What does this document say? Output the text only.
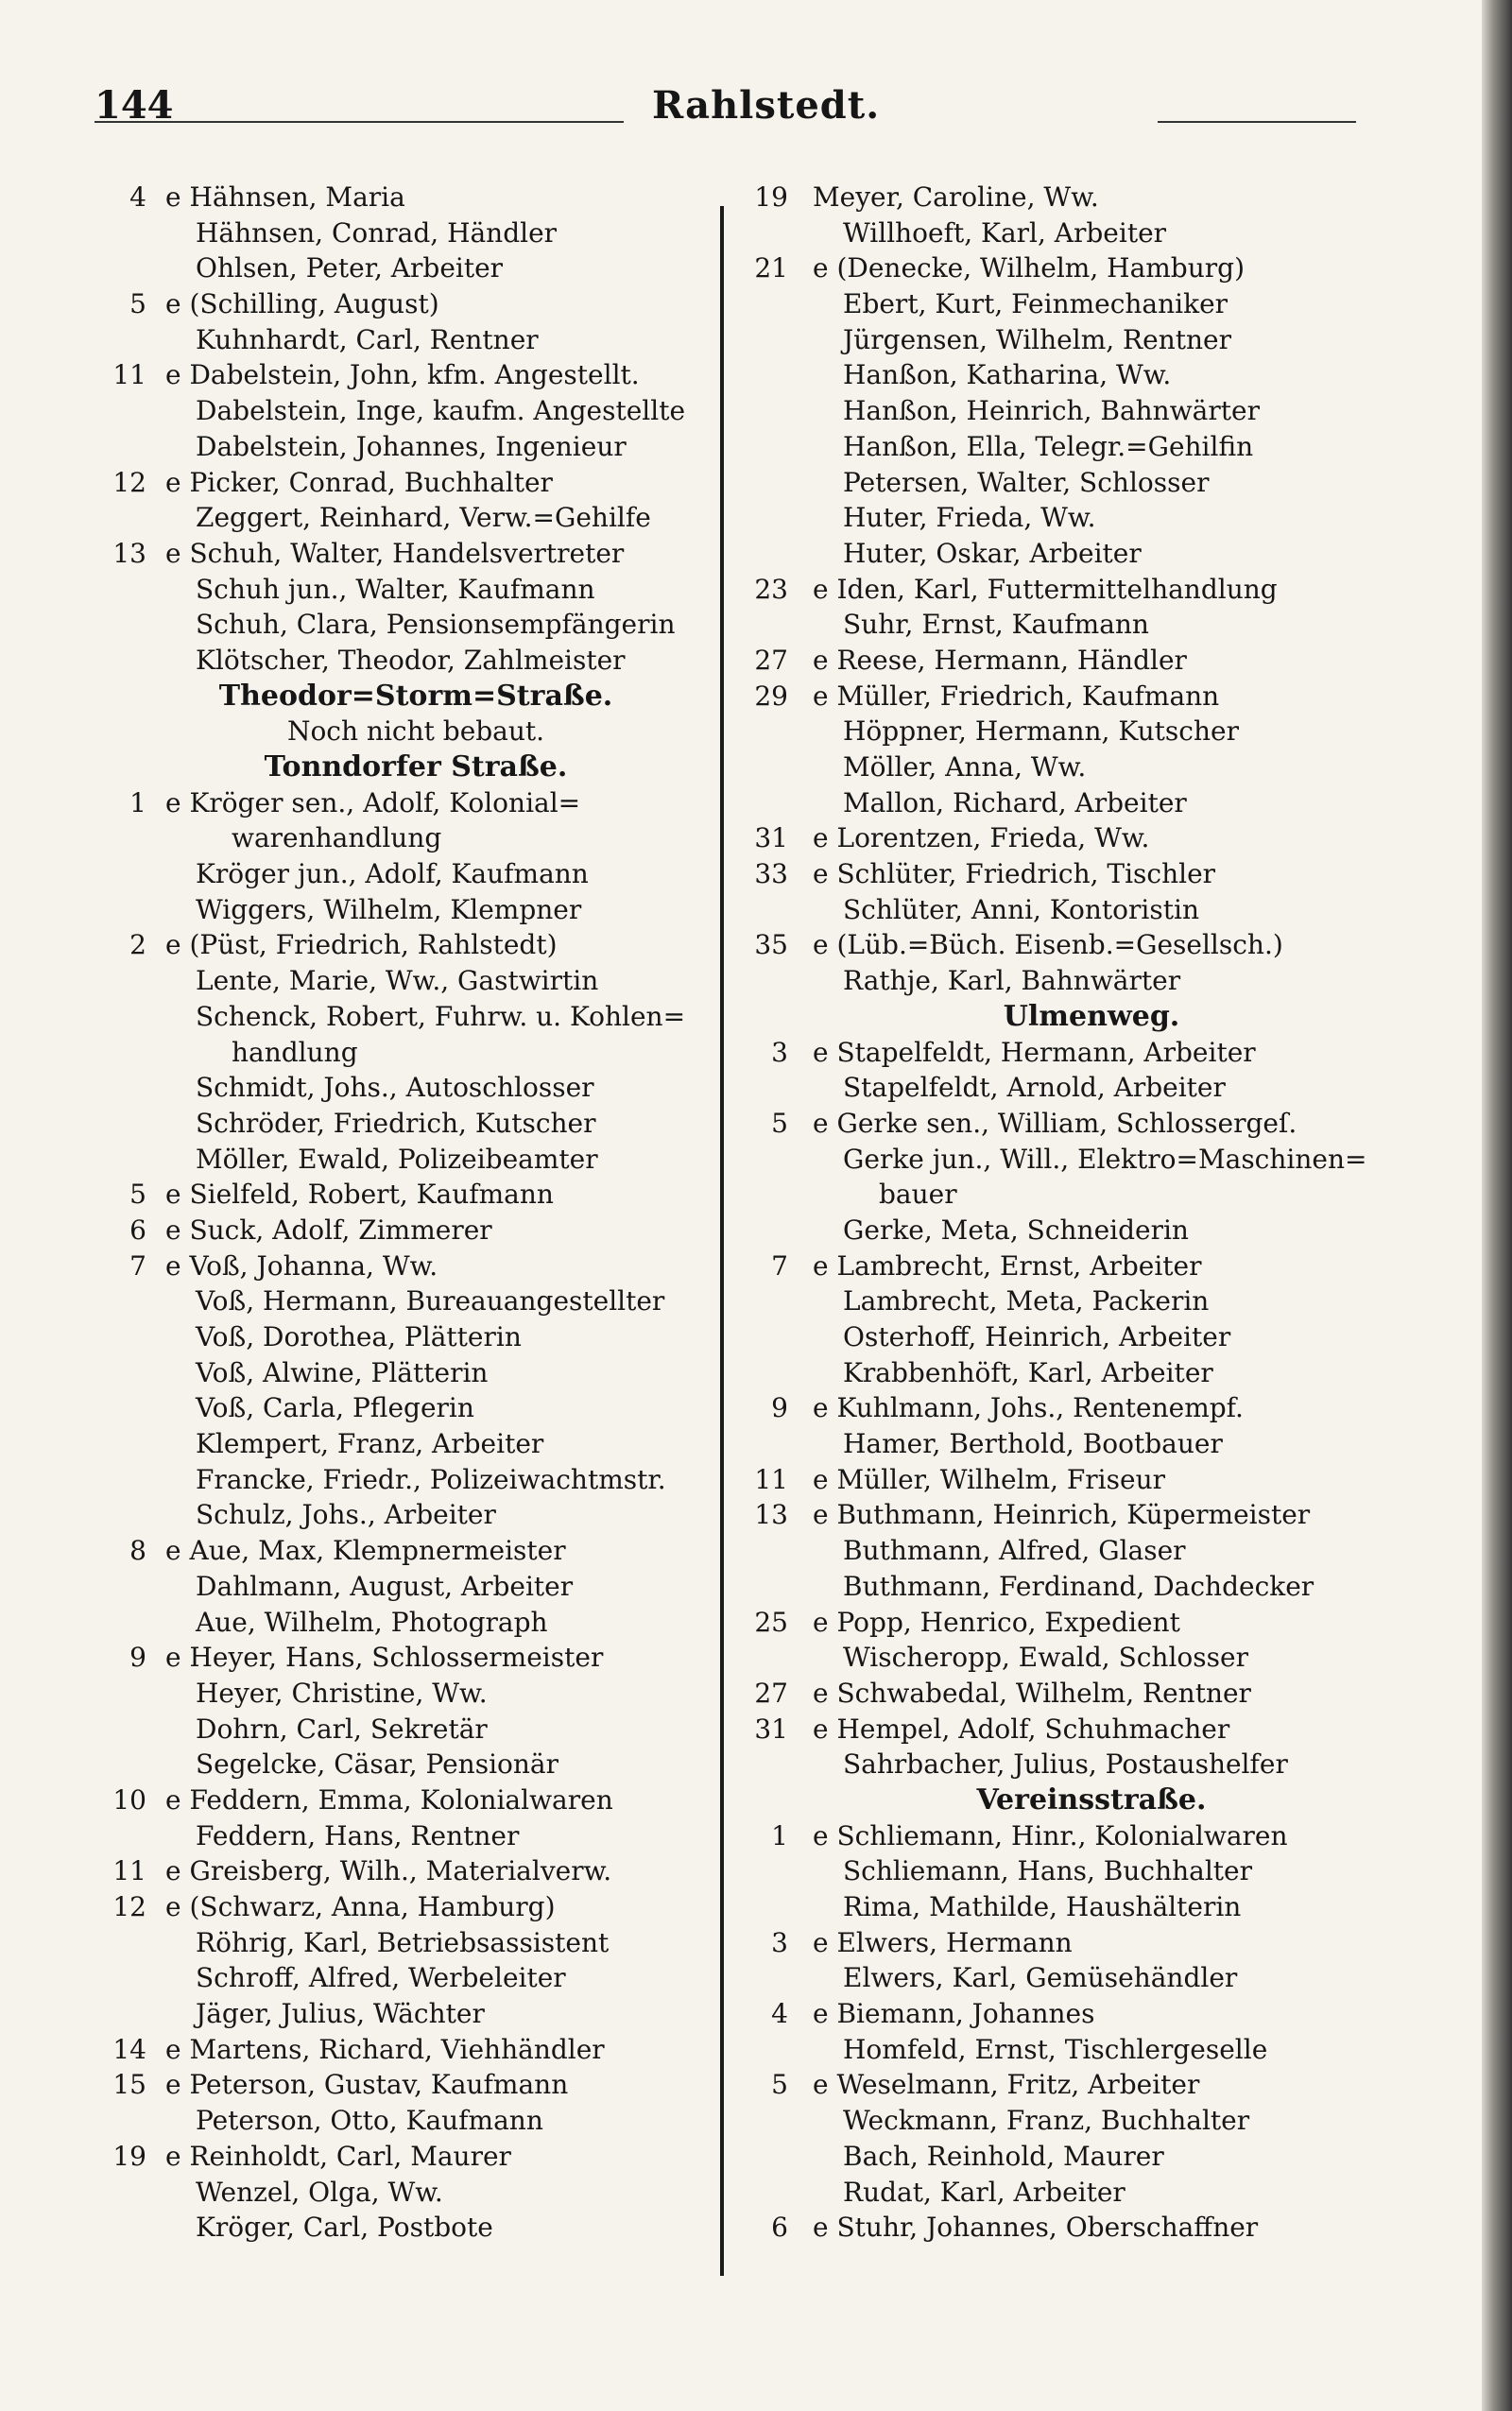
144	Rahlstedt.
4 e Hähnsen, Maria
Hähnsen, Conrad, Händler
Ohlsen, Peter, Arbeiter
5 e (Schilling, August)
Kuhnhardt, Carl, Rentner
11 e Dabelstein, John, kfm. Angestellt.
Dabelstein, Inge, kaufm. Angestellte
Dabelstein, Johannes, Ingenieur
12 e Picker, Conrad, Buchhalter
Zeggert, Reinhard, Verw.=Gehilfe
13 e Schuh, Walter, Handelsvertreter
Schuh jun., Walter, Kaufmann
Schuh, Clara, Pensionsempfängerin
Klötscher, Theodor, Zahlmeister
Theodor=Storm=Straße.
Noch nicht bebaut.
Tonndorfer Straße.
1 e Kröger sen., Adolf, Kolonial=
warenhandlung
Kröger jun., Adolf, Kaufmann
Wiggers, Wilhelm, Klempner
2 e (Püst, Friedrich, Rahlstedt)
Lente, Marie, Ww., Gastwirtin
Schenck, Robert, Fuhrw. u. Kohlen=
handlung
Schmidt, Johs., Autoschlosser
Schröder, Friedrich, Kutscher
Möller, Ewald, Polizeibeamter
5 e Sielfeld, Robert, Kaufmann
6 e Suck, Adolf, Zimmerer
7 e Voß, Johanna, Ww.
Voß, Hermann, Bureauangestellter
Voß, Dorothea, Plätterin
Voß, Alwine, Plätterin
Voß, Carla, Pflegerin
Klempert, Franz, Arbeiter
Francke, Friedr., Polizeiwachtmstr.
Schulz, Johs., Arbeiter
8 e Aue, Max, Klempnermeister
Dahlmann, August, Arbeiter
Aue, Wilhelm, Photograph
9 e Heyer, Hans, Schlossermeister
Heyer, Christine, Ww.
Dohrn, Carl, Sekretär
Segelcke, Cäsar, Pensionär
10 e Feddern, Emma, Kolonialwaren
Feddern, Hans, Rentner
11 e Greisberg, Wilh., Materialverw.
12 e (Schwarz, Anna, Hamburg)
Röhrig, Karl, Betriebsassistent
Schroff, Alfred, Werbeleiter
Jäger, Julius, Wächter
14 e Martens, Richard, Viehhändler
15 e Peterson, Gustav, Kaufmann
Peterson, Otto, Kaufmann
19 e Reinholdt, Carl, Maurer
Wenzel, Olga, Ww.
Kröger, Carl, Postbote
19 Meyer, Caroline, Ww.
Willhoeft, Karl, Arbeiter
21 e (Denecke, Wilhelm, Hamburg)
Ebert, Kurt, Feinmechaniker
Jürgensen, Wilhelm, Rentner
Hanßon, Katharina, Ww.
Hanßon, Heinrich, Bahnwärter
Hanßon, Ella, Telegr.=Gehilfin
Petersen, Walter, Schlosser
Huter, Frieda, Ww.
Huter, Oskar, Arbeiter
23 e Iden, Karl, Futtermittelhandlung
Suhr, Ernst, Kaufmann
27 e Reese, Hermann, Händler
29 e Müller, Friedrich, Kaufmann
Höppner, Hermann, Kutscher
Möller, Anna, Ww.
Mallon, Richard, Arbeiter
31 e Lorentzen, Frieda, Ww.
33 e Schlüter, Friedrich, Tischler
Schlüter, Anni, Kontoristin
35 e (Lüb.=Büch. Eisenb.=Gesellsch.)
Rathje, Karl, Bahnwärter
Ulmenweg.
3 e Stapelfeldt, Hermann, Arbeiter
Stapelfeldt, Arnold, Arbeiter
5 e Gerke sen., William, Schlossergeſ.
Gerke jun., Will., Elektro=Maschinen=
bauer
Gerke, Meta, Schneiderin
7 e Lambrecht, Ernst, Arbeiter
Lambrecht, Meta, Packerin
Osterhoff, Heinrich, Arbeiter
Krabbenhöft, Karl, Arbeiter
9 e Kuhlmann, Johs., Rentenempf.
Hamer, Berthold, Bootbauer
11 e Müller, Wilhelm, Friseur
13 e Buthmann, Heinrich, Küpermeister
Buthmann, Alfred, Glaser
Buthmann, Ferdinand, Dachdecker
25 e Popp, Henrico, Expedient
Wischeropp, Ewald, Schlosser
27 e Schwabedal, Wilhelm, Rentner
31 e Hempel, Adolf, Schuhmacher
Sahrbacher, Julius, Postaushelfer
Vereinsstraße.
1 e Schliemann, Hinr., Kolonialwaren
Schliemann, Hans, Buchhalter
Rima, Mathilde, Haushälterin
3 e Elwers, Hermann
Elwers, Karl, Gemüsehändler
4 e Biemann, Johannes
Homfeld, Ernst, Tischlergeselle
5 e Weselmann, Fritz, Arbeiter
Weckmann, Franz, Buchhalter
Bach, Reinhold, Maurer
Rudat, Karl, Arbeiter
6 e Stuhr, Johannes, Oberschaffner
